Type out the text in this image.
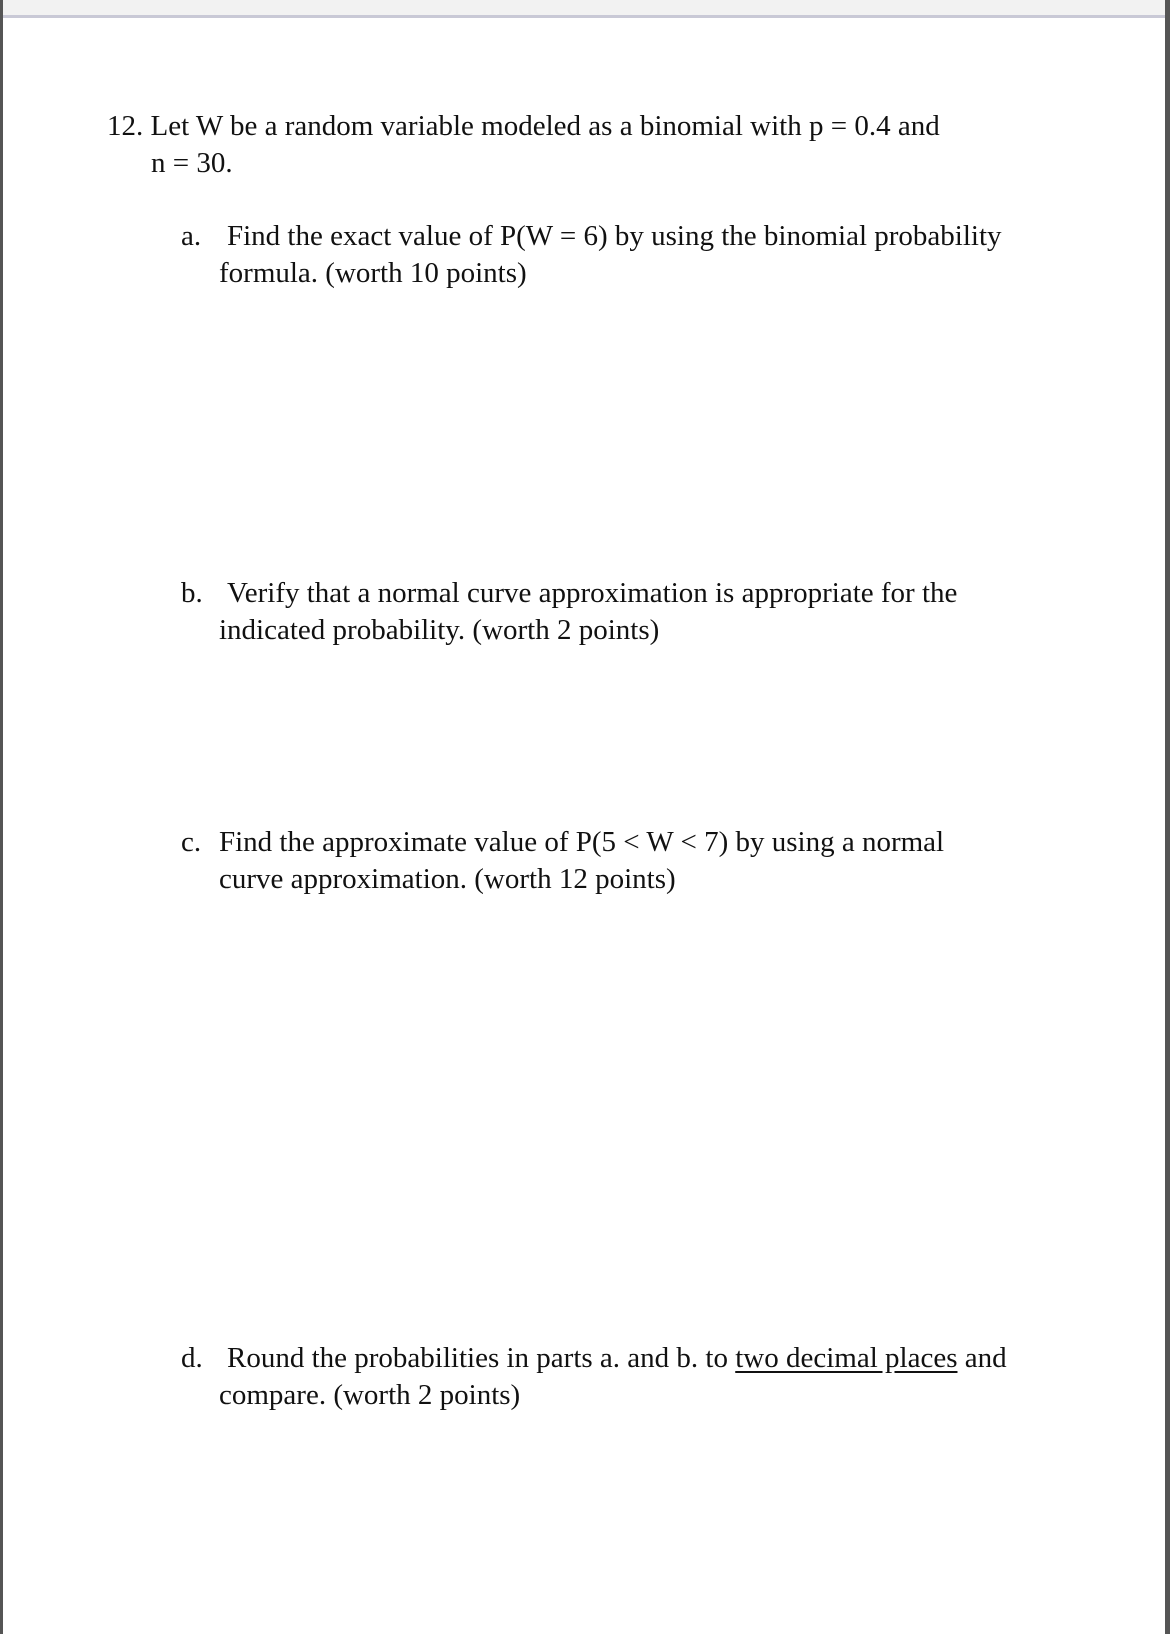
12. Let W be a random variable modeled as a binomial with p = 0.4 and
n = 30.
a. Find the exact value of P(W = 6) by using the binomial probability
formula. (worth 10 points)
b. Verify that a normal curve approximation is appropriate for the
indicated probability. (worth 2 points)
c. Find the approximate value of P(5 < W < 7) by using a normal
curve approximation. (worth 12 points)
d. Round the probabilities in parts a. and b. to two decimal places and
compare. (worth 2 points)
